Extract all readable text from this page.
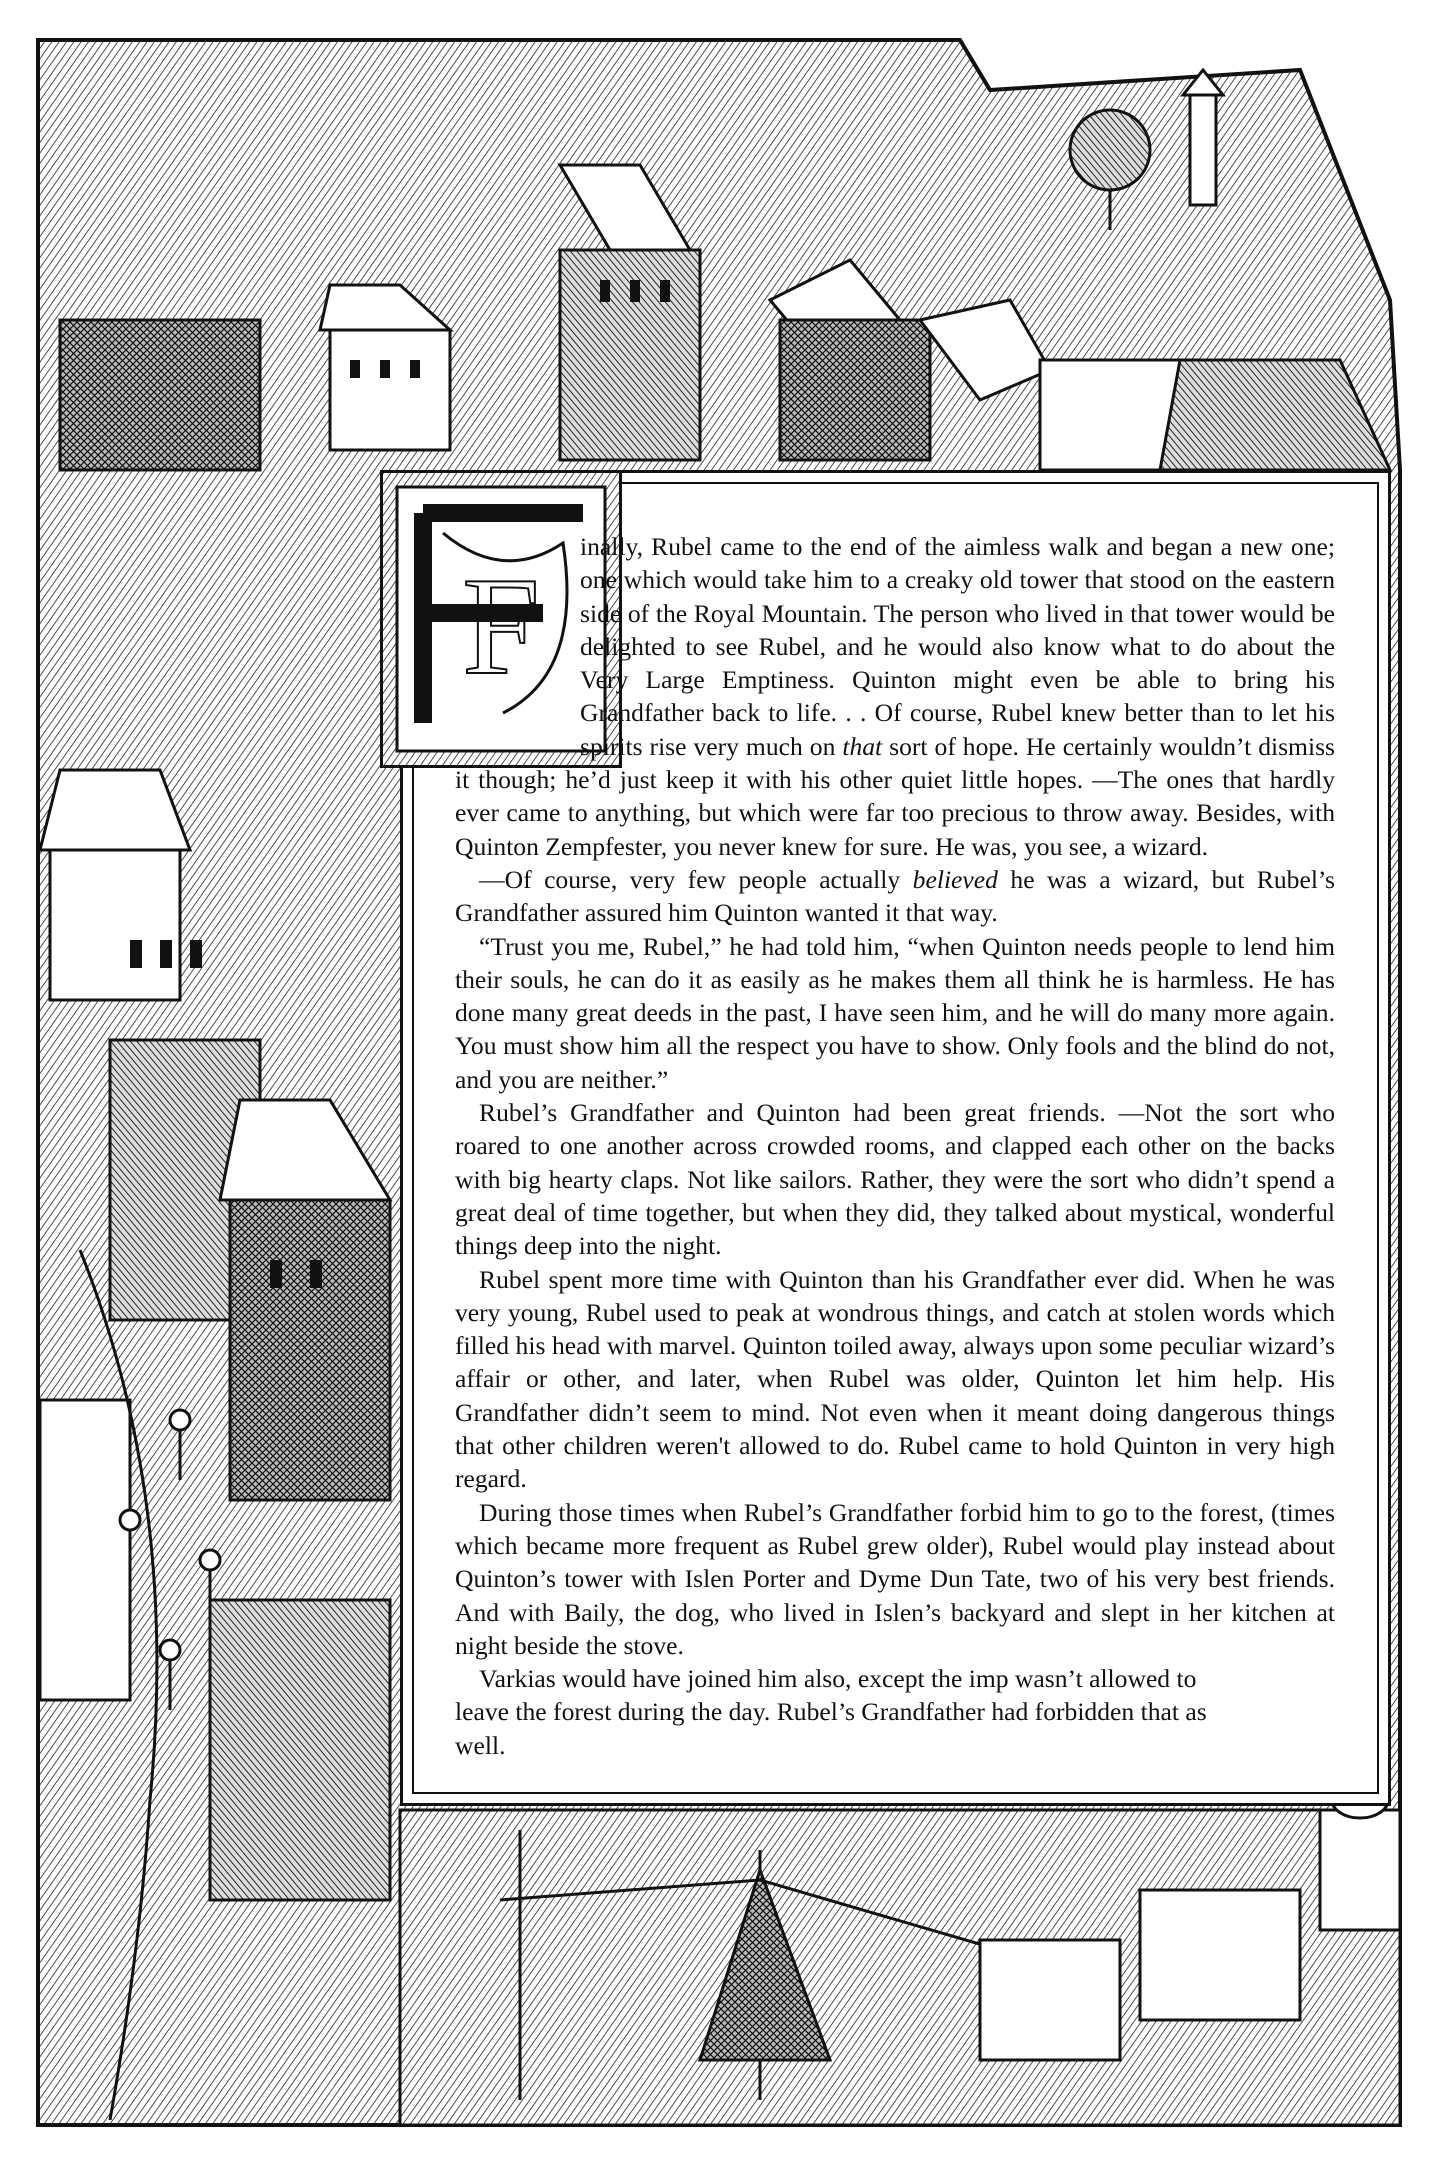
F

inally, Rubel came to the end of the aimless walk and began a new one; one which would take him to a creaky old tower that stood on the eastern side of the Royal Mountain. The person who lived in that tower would be delighted to see Rubel, and he would also know what to do about the Very Large Emptiness. Quinton might even be able to bring his Grandfather back to life. . . Of course, Rubel knew better than to let his spirits rise very much on that sort of hope. He certainly wouldn’t dismiss it though; he’d just keep it with his other quiet little hopes. —The ones that hardly ever came to anything, but which were far too precious to throw away. Besides, with Quinton Zempfester, you never knew for sure. He was, you see, a wizard.

—Of course, very few people actually believed he was a wizard, but Rubel’s Grandfather assured him Quinton wanted it that way.

“Trust you me, Rubel,” he had told him, “when Quinton needs people to lend him their souls, he can do it as easily as he makes them all think he is harmless. He has done many great deeds in the past, I have seen him, and he will do many more again. You must show him all the respect you have to show. Only fools and the blind do not, and you are neither.”

Rubel’s Grandfather and Quinton had been great friends. —Not the sort who roared to one another across crowded rooms, and clapped each other on the backs with big hearty claps. Not like sailors. Rather, they were the sort who didn’t spend a great deal of time together, but when they did, they talked about mystical, wonderful things deep into the night.

Rubel spent more time with Quinton than his Grandfather ever did. When he was very young, Rubel used to peak at wondrous things, and catch at stolen words which filled his head with marvel. Quinton toiled away, always upon some peculiar wizard’s affair or other, and later, when Rubel was older, Quinton let him help. His Grandfather didn’t seem to mind. Not even when it meant doing dangerous things that other children weren't allowed to do. Rubel came to hold Quinton in very high regard.

During those times when Rubel’s Grandfather forbid him to go to the forest, (times which became more frequent as Rubel grew older), Rubel would play instead about Quinton’s tower with Islen Porter and Dyme Dun Tate, two of his very best friends. And with Baily, the dog, who lived in Islen’s backyard and slept in her kitchen at night beside the stove.

Varkias would have joined him also, except the imp wasn’t allowed to leave the forest during the day. Rubel’s Grandfather had forbidden that as well.
